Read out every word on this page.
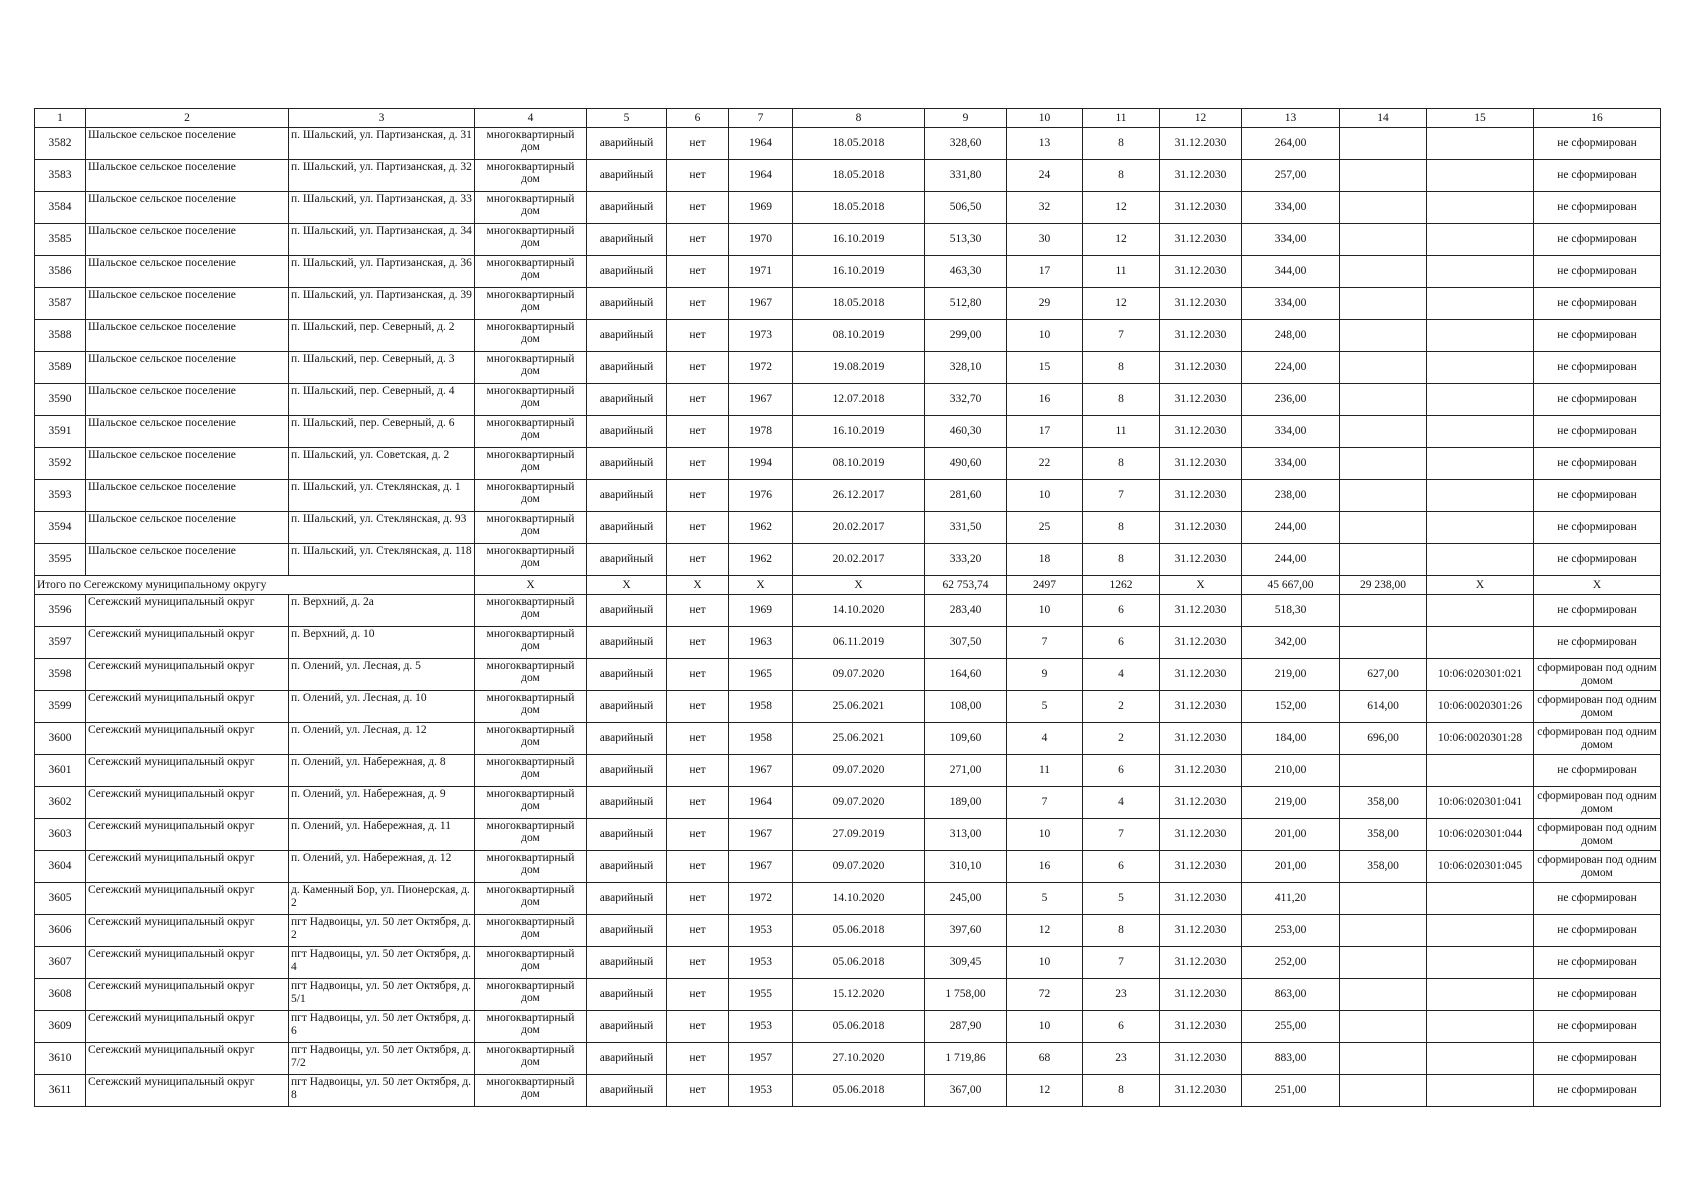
1	2	3	4	5	6	7	8	9	10	11	12	13	14	15	16
3582	Шальское сельское поселение	п. Шальский, ул. Партизанская, д. 31	многоквартирный дом	аварийный	нет	1964	18.05.2018	328,60	13	8	31.12.2030	264,00			не сформирован
3583	Шальское сельское поселение	п. Шальский, ул. Партизанская, д. 32	многоквартирный дом	аварийный	нет	1964	18.05.2018	331,80	24	8	31.12.2030	257,00			не сформирован
3584	Шальское сельское поселение	п. Шальский, ул. Партизанская, д. 33	многоквартирный дом	аварийный	нет	1969	18.05.2018	506,50	32	12	31.12.2030	334,00			не сформирован
3585	Шальское сельское поселение	п. Шальский, ул. Партизанская, д. 34	многоквартирный дом	аварийный	нет	1970	16.10.2019	513,30	30	12	31.12.2030	334,00			не сформирован
3586	Шальское сельское поселение	п. Шальский, ул. Партизанская, д. 36	многоквартирный дом	аварийный	нет	1971	16.10.2019	463,30	17	11	31.12.2030	344,00			не сформирован
3587	Шальское сельское поселение	п. Шальский, ул. Партизанская, д. 39	многоквартирный дом	аварийный	нет	1967	18.05.2018	512,80	29	12	31.12.2030	334,00			не сформирован
3588	Шальское сельское поселение	п. Шальский, пер. Северный, д. 2	многоквартирный дом	аварийный	нет	1973	08.10.2019	299,00	10	7	31.12.2030	248,00			не сформирован
3589	Шальское сельское поселение	п. Шальский, пер. Северный, д. 3	многоквартирный дом	аварийный	нет	1972	19.08.2019	328,10	15	8	31.12.2030	224,00			не сформирован
3590	Шальское сельское поселение	п. Шальский, пер. Северный, д. 4	многоквартирный дом	аварийный	нет	1967	12.07.2018	332,70	16	8	31.12.2030	236,00			не сформирован
3591	Шальское сельское поселение	п. Шальский, пер. Северный, д. 6	многоквартирный дом	аварийный	нет	1978	16.10.2019	460,30	17	11	31.12.2030	334,00			не сформирован
3592	Шальское сельское поселение	п. Шальский, ул. Советская, д. 2	многоквартирный дом	аварийный	нет	1994	08.10.2019	490,60	22	8	31.12.2030	334,00			не сформирован
3593	Шальское сельское поселение	п. Шальский, ул. Стеклянская, д. 1	многоквартирный дом	аварийный	нет	1976	26.12.2017	281,60	10	7	31.12.2030	238,00			не сформирован
3594	Шальское сельское поселение	п. Шальский, ул. Стеклянская, д. 93	многоквартирный дом	аварийный	нет	1962	20.02.2017	331,50	25	8	31.12.2030	244,00			не сформирован
3595	Шальское сельское поселение	п. Шальский, ул. Стеклянская, д. 118	многоквартирный дом	аварийный	нет	1962	20.02.2017	333,20	18	8	31.12.2030	244,00			не сформирован
Итого по Сегежскому муниципальному округу			X	X	X	X	X	62 753,74	2497	1262	X	45 667,00	29 238,00	X	X
3596	Сегежский муниципальный округ	п. Верхний, д. 2а	многоквартирный дом	аварийный	нет	1969	14.10.2020	283,40	10	6	31.12.2030	518,30			не сформирован
3597	Сегежский муниципальный округ	п. Верхний, д. 10	многоквартирный дом	аварийный	нет	1963	06.11.2019	307,50	7	6	31.12.2030	342,00			не сформирован
3598	Сегежский муниципальный округ	п. Олений, ул. Лесная, д. 5	многоквартирный дом	аварийный	нет	1965	09.07.2020	164,60	9	4	31.12.2030	219,00	627,00	10:06:020301:021	сформирован под одним домом
3599	Сегежский муниципальный округ	п. Олений, ул. Лесная, д. 10	многоквартирный дом	аварийный	нет	1958	25.06.2021	108,00	5	2	31.12.2030	152,00	614,00	10:06:0020301:26	сформирован под одним домом
3600	Сегежский муниципальный округ	п. Олений, ул. Лесная, д. 12	многоквартирный дом	аварийный	нет	1958	25.06.2021	109,60	4	2	31.12.2030	184,00	696,00	10:06:0020301:28	сформирован под одним домом
3601	Сегежский муниципальный округ	п. Олений, ул. Набережная, д. 8	многоквартирный дом	аварийный	нет	1967	09.07.2020	271,00	11	6	31.12.2030	210,00			не сформирован
3602	Сегежский муниципальный округ	п. Олений, ул. Набережная, д. 9	многоквартирный дом	аварийный	нет	1964	09.07.2020	189,00	7	4	31.12.2030	219,00	358,00	10:06:020301:041	сформирован под одним домом
3603	Сегежский муниципальный округ	п. Олений, ул. Набережная, д. 11	многоквартирный дом	аварийный	нет	1967	27.09.2019	313,00	10	7	31.12.2030	201,00	358,00	10:06:020301:044	сформирован под одним домом
3604	Сегежский муниципальный округ	п. Олений, ул. Набережная, д. 12	многоквартирный дом	аварийный	нет	1967	09.07.2020	310,10	16	6	31.12.2030	201,00	358,00	10:06:020301:045	сформирован под одним домом
3605	Сегежский муниципальный округ	д. Каменный Бор, ул. Пионерская, д. 2	многоквартирный дом	аварийный	нет	1972	14.10.2020	245,00	5	5	31.12.2030	411,20			не сформирован
3606	Сегежский муниципальный округ	пгт Надвоицы, ул. 50 лет Октября, д. 2	многоквартирный дом	аварийный	нет	1953	05.06.2018	397,60	12	8	31.12.2030	253,00			не сформирован
3607	Сегежский муниципальный округ	пгт Надвоицы, ул. 50 лет Октября, д. 4	многоквартирный дом	аварийный	нет	1953	05.06.2018	309,45	10	7	31.12.2030	252,00			не сформирован
3608	Сегежский муниципальный округ	пгт Надвоицы, ул. 50 лет Октября, д. 5/1	многоквартирный дом	аварийный	нет	1955	15.12.2020	1 758,00	72	23	31.12.2030	863,00			не сформирован
3609	Сегежский муниципальный округ	пгт Надвоицы, ул. 50 лет Октября, д. 6	многоквартирный дом	аварийный	нет	1953	05.06.2018	287,90	10	6	31.12.2030	255,00			не сформирован
3610	Сегежский муниципальный округ	пгт Надвоицы, ул. 50 лет Октября, д. 7/2	многоквартирный дом	аварийный	нет	1957	27.10.2020	1 719,86	68	23	31.12.2030	883,00			не сформирован
3611	Сегежский муниципальный округ	пгт Надвоицы, ул. 50 лет Октября, д. 8	многоквартирный дом	аварийный	нет	1953	05.06.2018	367,00	12	8	31.12.2030	251,00			не сформирован
